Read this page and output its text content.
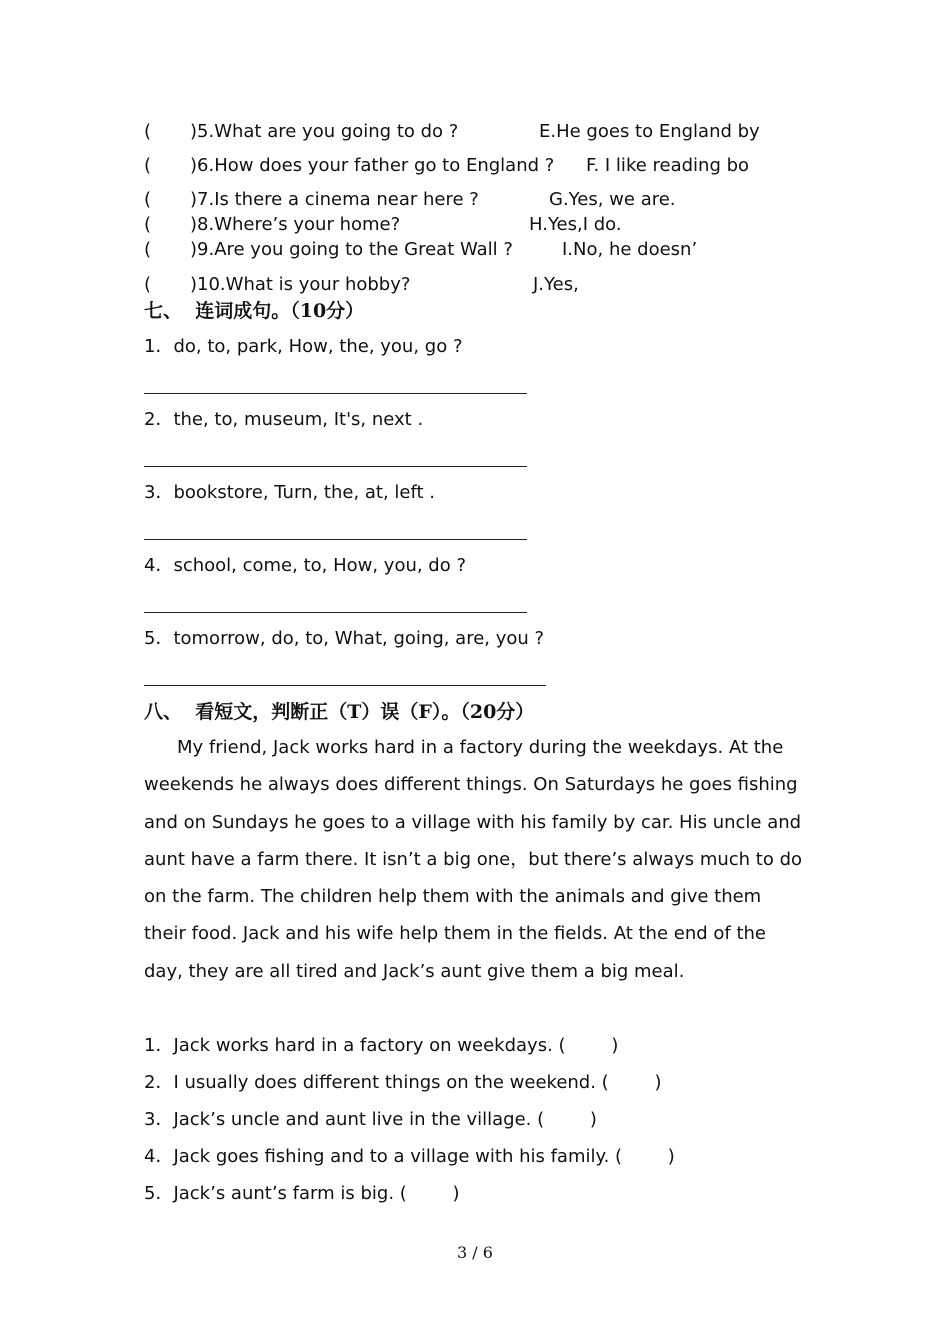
( )5.What are you going to do ?	E.He goes to England by
( )6.How does your father go to England ? F. I like reading bo
( )7.Is there a cinema near here ?	G.Yes, we are.
( )8.Where’s your home?	H.Yes,I do.
( )9.Are you going to the Great Wall ?	I.No, he doesn’
( )10.What is your hobby?	J.Yes,
七、  连词成句。（10分）
1．do, to, park, How, the, you, go ?
2．the, to, museum, It's, next .
3．bookstore, Turn, the, at, left .
4．school, come, to, How, you, do ?
5．tomorrow, do, to, What, going, are, you ?
八、  看短文，判断正（T）误（F）。（20分）
My friend, Jack works hard in a factory during the weekdays. At the weekends he always does different things. On Saturdays he goes fishing and on Sundays he goes to a village with his family by car. His uncle and aunt have a farm there. It isn’t a big one，but there’s always much to do on the farm. The children help them with the animals and give them their food. Jack and his wife help them in the fields. At the end of the day, they are all tired and Jack’s aunt give them a big meal.
1．Jack works hard in a factory on weekdays. (        )
2．I usually does different things on the weekend. (        )
3．Jack’s uncle and aunt live in the village. (        )
4．Jack goes fishing and to a village with his family. (        )
5．Jack’s aunt’s farm is big. (        )
3 / 6
